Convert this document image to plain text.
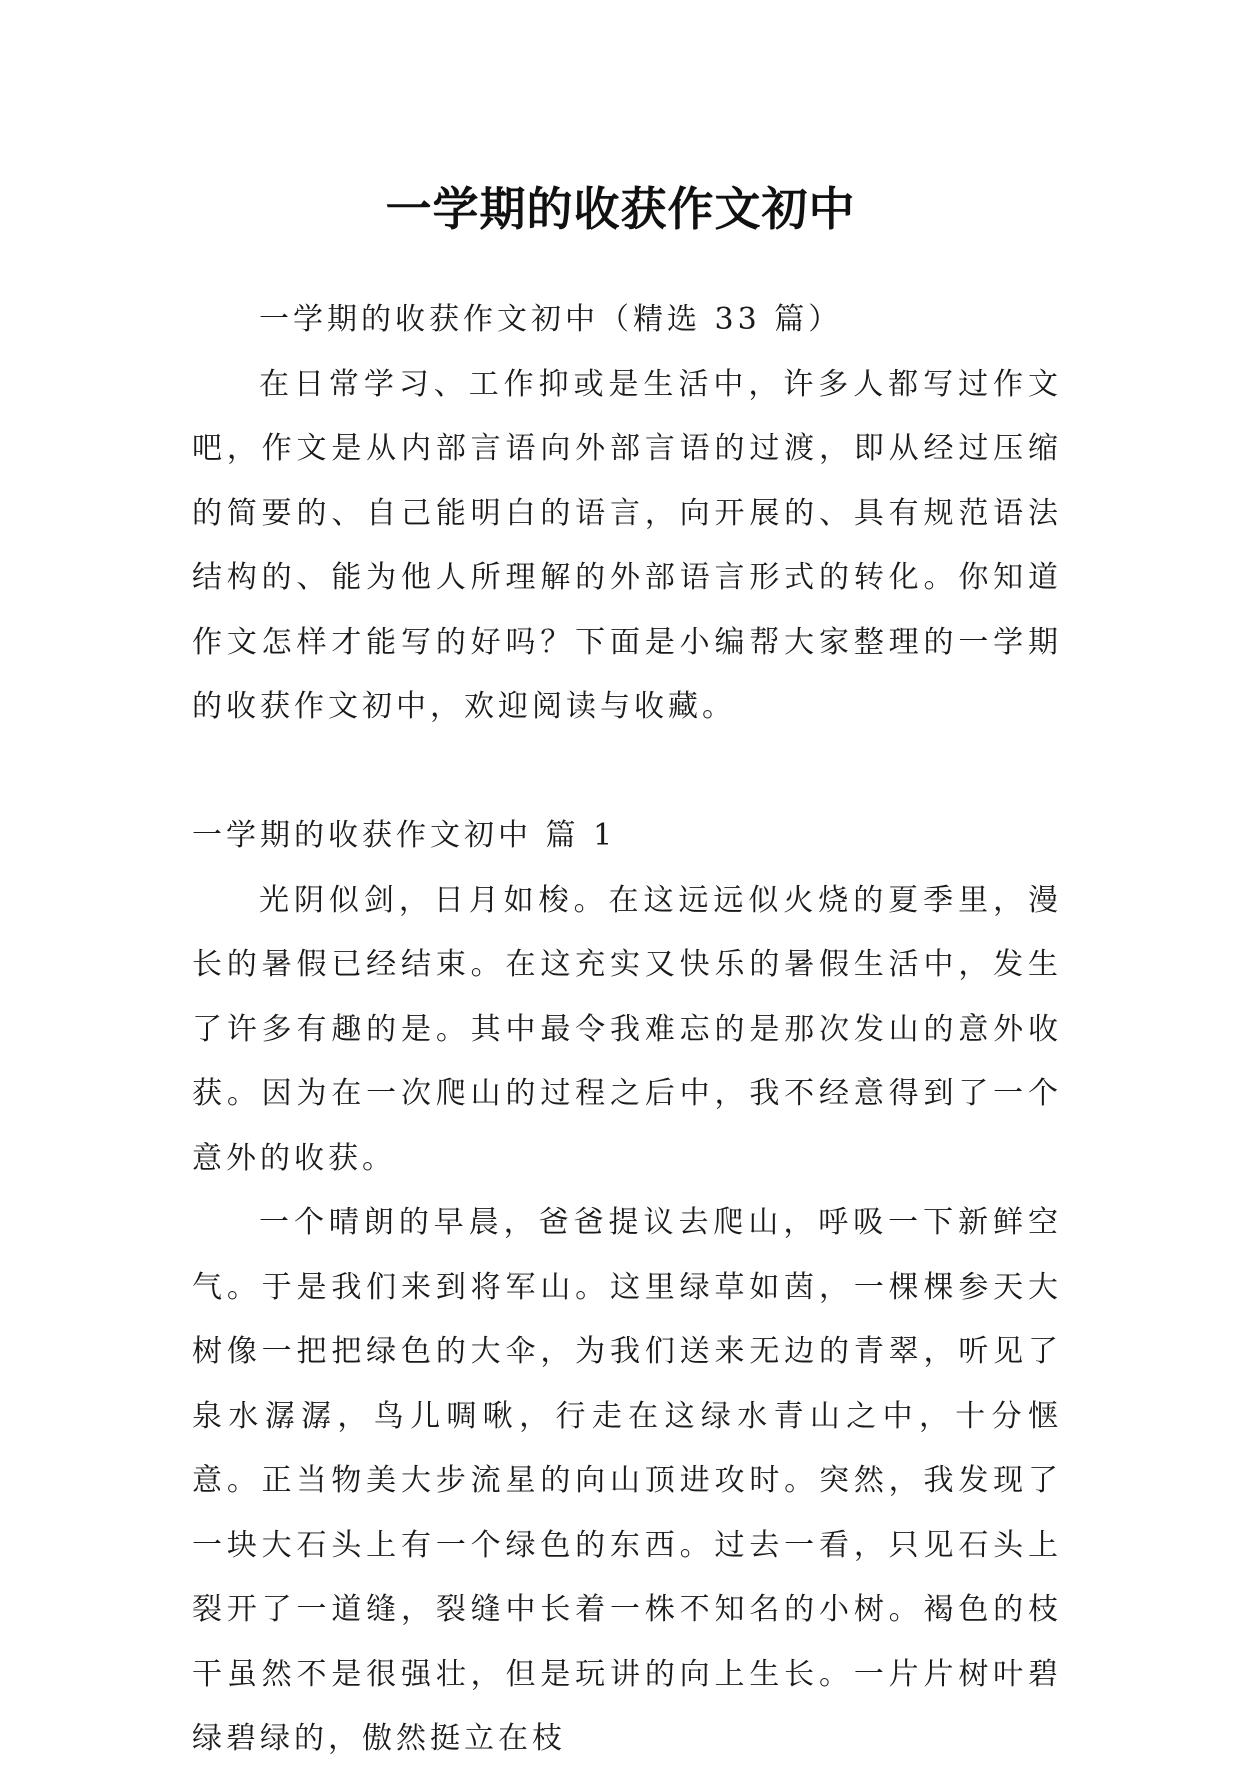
一学期的收获作文初中

一学期的收获作文初中（精选 33 篇）

在日常学习、工作抑或是生活中，许多人都写过作文吧，作文是从内部言语向外部言语的过渡，即从经过压缩的简要的、自己能明白的语言，向开展的、具有规范语法结构的、能为他人所理解的外部语言形式的转化。你知道作文怎样才能写的好吗？下面是小编帮大家整理的一学期的收获作文初中，欢迎阅读与收藏。

一学期的收获作文初中 篇 1

光阴似剑，日月如梭。在这远远似火烧的夏季里，漫长的暑假已经结束。在这充实又快乐的暑假生活中，发生了许多有趣的是。其中最令我难忘的是那次发山的意外收获。因为在一次爬山的过程之后中，我不经意得到了一个意外的收获。

一个晴朗的早晨，爸爸提议去爬山，呼吸一下新鲜空气。于是我们来到将军山。这里绿草如茵，一棵棵参天大树像一把把绿色的大伞，为我们送来无边的青翠，听见了泉水潺潺，鸟儿啁啾，行走在这绿水青山之中，十分惬意。正当物美大步流星的向山顶进攻时。突然，我发现了一块大石头上有一个绿色的东西。过去一看，只见石头上裂开了一道缝，裂缝中长着一株不知名的小树。褐色的枝干虽然不是很强壮，但是玩讲的向上生长。一片片树叶碧绿碧绿的，傲然挺立在枝
